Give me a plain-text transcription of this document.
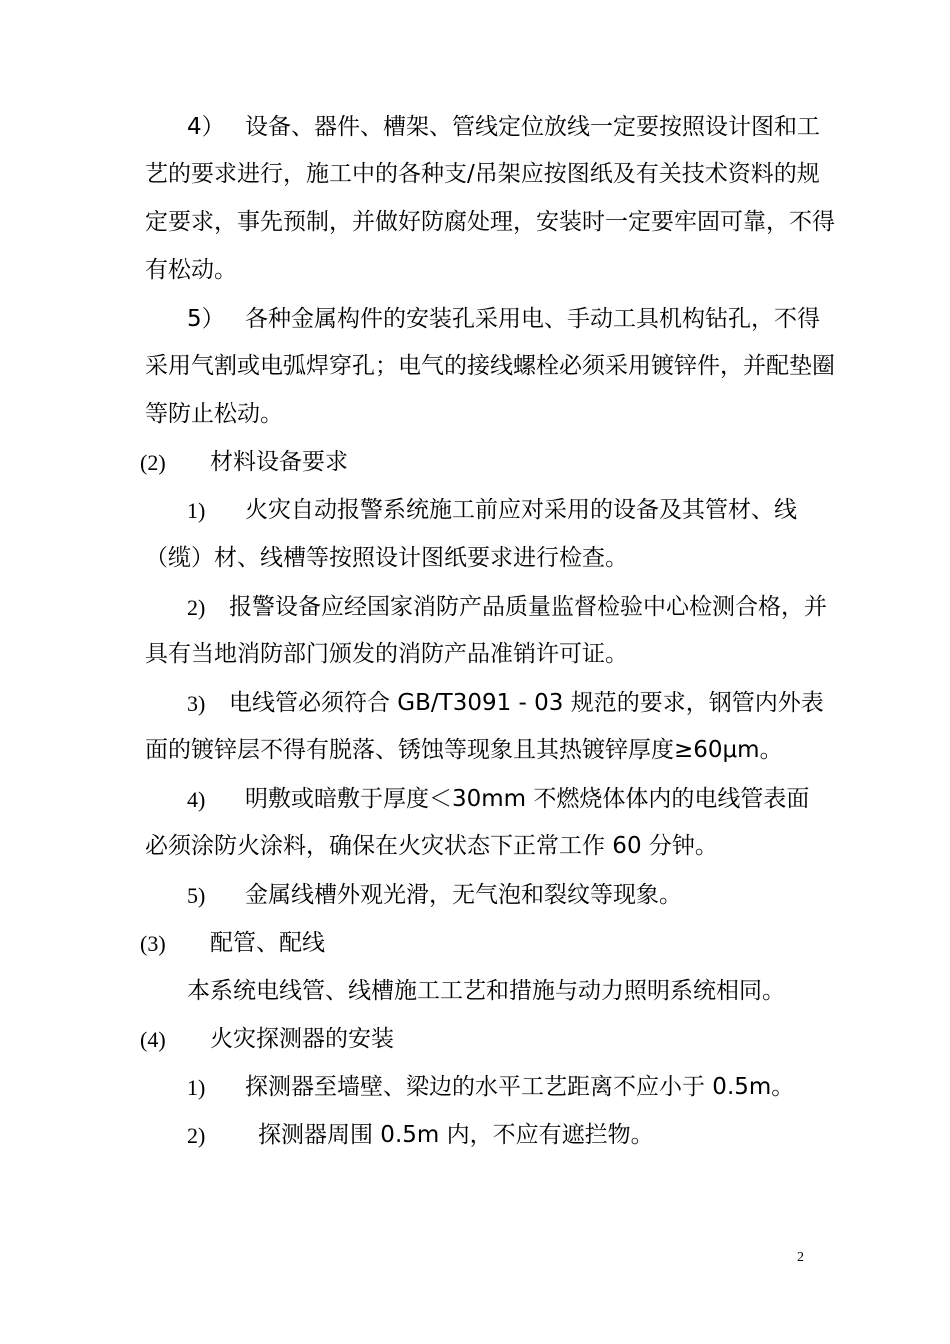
4） 设备、器件、槽架、管线定位放线一定要按照设计图和工
艺的要求进行，施工中的各种支/吊架应按图纸及有关技术资料的规
定要求，事先预制，并做好防腐处理，安装时一定要牢固可靠，不得
有松动。
5） 各种金属构件的安装孔采用电、手动工具机构钻孔，不得
采用气割或电弧焊穿孔；电气的接线螺栓必须采用镀锌件，并配垫圈
等防止松动。
(2) 材料设备要求
1) 火灾自动报警系统施工前应对采用的设备及其管材、线
（缆）材、线槽等按照设计图纸要求进行检查。
2) 报警设备应经国家消防产品质量监督检验中心检测合格，并
具有当地消防部门颁发的消防产品准销许可证。
3) 电线管必须符合 GB/T3091 - 03 规范的要求，钢管内外表
面的镀锌层不得有脱落、锈蚀等现象且其热镀锌厚度≥60μm。
4) 明敷或暗敷于厚度＜30mm 不燃烧体体内的电线管表面
必须涂防火涂料，确保在火灾状态下正常工作 60 分钟。
5) 金属线槽外观光滑，无气泡和裂纹等现象。
(3) 配管、配线
本系统电线管、线槽施工工艺和措施与动力照明系统相同。
(4) 火灾探测器的安装
1) 探测器至墙壁、梁边的水平工艺距离不应小于 0.5m。
2) 探测器周围 0.5m 内，不应有遮拦物。
2
